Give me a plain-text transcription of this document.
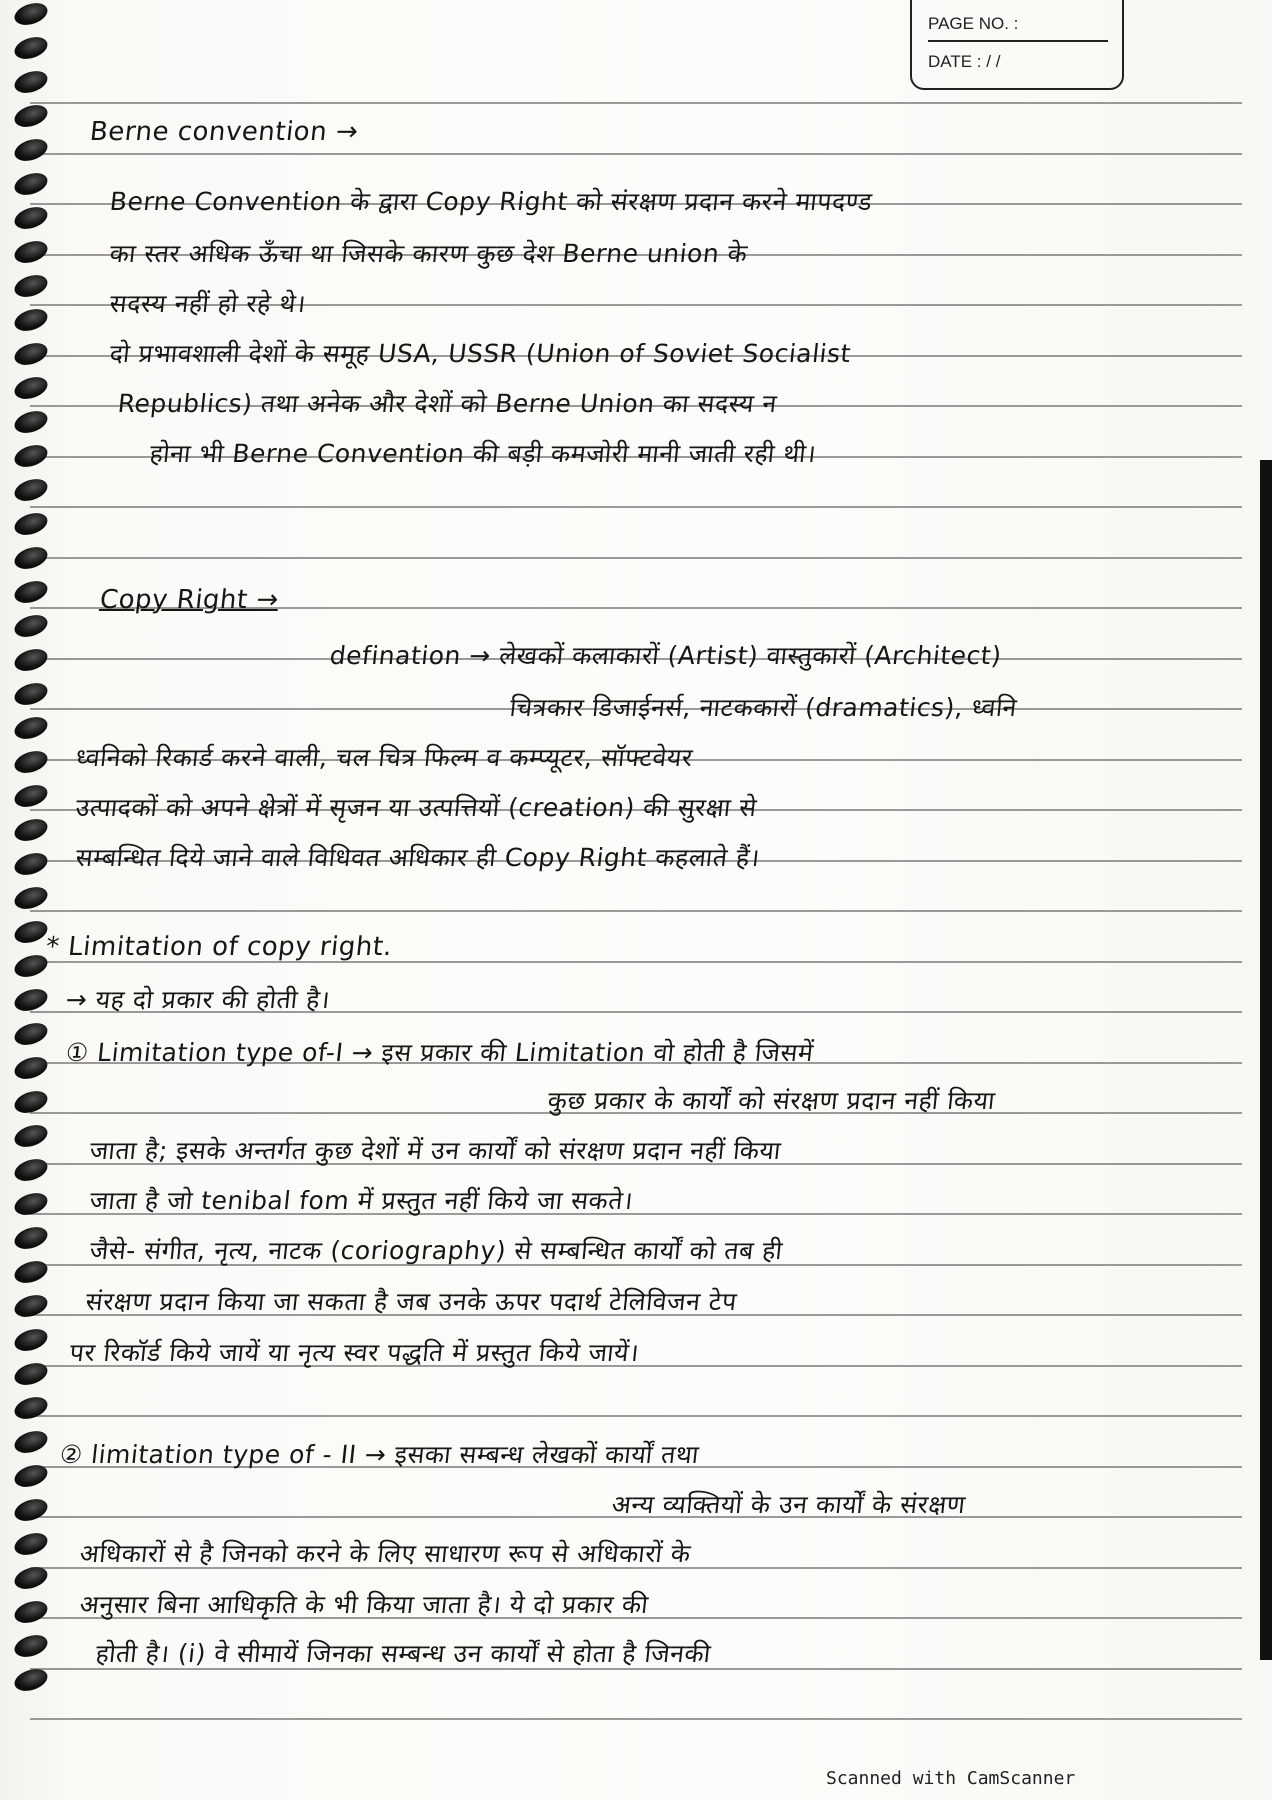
PAGE NO. :
DATE : / /
Berne convention →
Berne Convention के द्वारा Copy Right को संरक्षण प्रदान करने मापदण्ड
का स्तर अधिक ऊँचा था जिसके कारण कुछ देश Berne union के
सदस्य नहीं हो रहे थे।
दो प्रभावशाली देशों के समूह USA, USSR (Union of Soviet Socialist
Republics) तथा अनेक और देशों को Berne Union का सदस्य न
होना भी Berne Convention की बड़ी कमजोरी मानी जाती रही थी।
Copy Right →
defination → लेखकों कलाकारों (Artist) वास्तुकारों (Architect)
चित्रकार डिजाईनर्स, नाटककारों (dramatics), ध्वनि
ध्वनिको रिकार्ड करने वाली, चल चित्र फिल्म व कम्प्यूटर, सॉफ्टवेयर
उत्पादकों को अपने क्षेत्रों में सृजन या उत्पत्तियों (creation) की सुरक्षा से
सम्बन्धित दिये जाने वाले विधिवत अधिकार ही Copy Right कहलाते हैं।
* Limitation of copy right.
→ यह दो प्रकार की होती है।
① Limitation type of-I → इस प्रकार की Limitation वो होती है जिसमें
कुछ प्रकार के कार्यों को संरक्षण प्रदान नहीं किया
जाता है; इसके अन्तर्गत कुछ देशों में उन कार्यों को संरक्षण प्रदान नहीं किया
जाता है जो tenibal fom में प्रस्तुत नहीं किये जा सकते।
जैसे- संगीत, नृत्य, नाटक (coriography) से सम्बन्धित कार्यों को तब ही
संरक्षण प्रदान किया जा सकता है जब उनके ऊपर पदार्थ टेलिविजन टेप
पर रिकॉर्ड किये जायें या नृत्य स्वर पद्धति में प्रस्तुत किये जायें।
② limitation type of - II → इसका सम्बन्ध लेखकों कार्यों तथा
अन्य व्यक्तियों के उन कार्यों के संरक्षण
अधिकारों से है जिनको करने के लिए साधारण रूप से अधिकारों के
अनुसार बिना आधिकृति के भी किया जाता है। ये दो प्रकार की
होती है। (i) वे सीमायें जिनका सम्बन्ध उन कार्यों से होता है जिनकी
Scanned with CamScanner
